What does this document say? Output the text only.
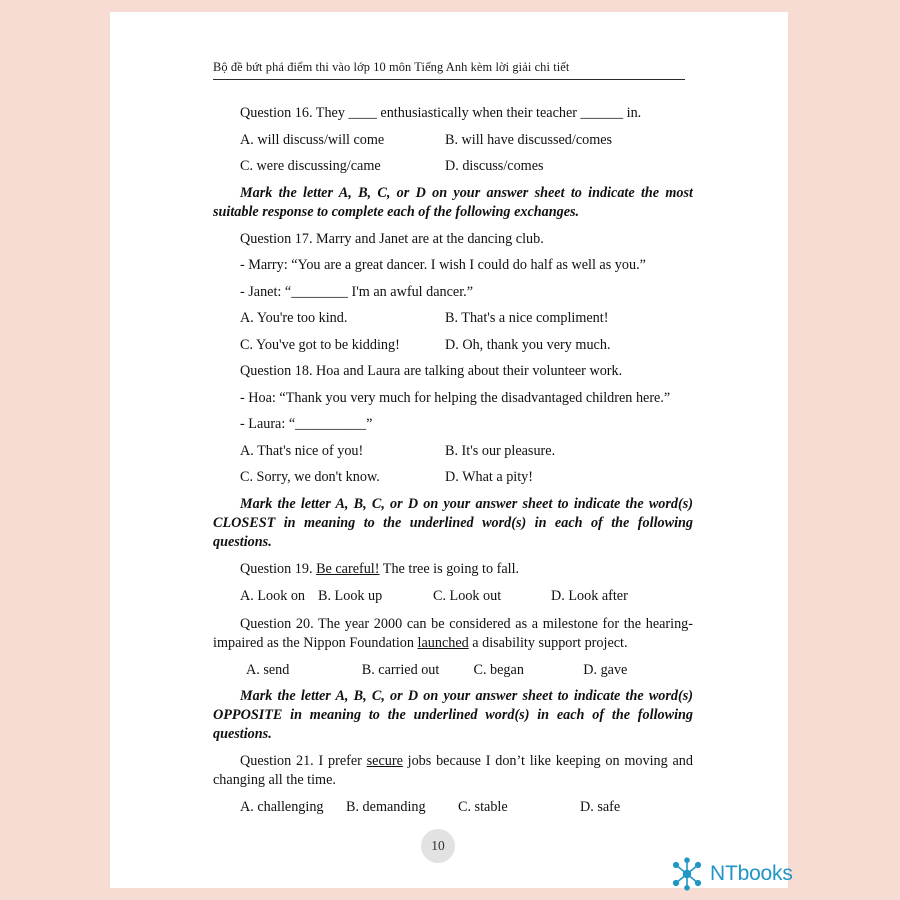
Bộ đề bứt phá điểm thi vào lớp 10 môn Tiếng Anh kèm lời giải chi tiết

Question 16. They ____ enthusiastically when their teacher ______ in.

A. will discuss/will come	B. will have discussed/comes
C. were discussing/came	D. discuss/comes

Mark the letter A, B, C, or D on your answer sheet to indicate the most suitable response to complete each of the following exchanges.

Question 17. Marry and Janet are at the dancing club.

- Marry: “You are a great dancer. I wish I could do half as well as you.”

- Janet: “________ I'm an awful dancer.”

A. You're too kind.	B. That's a nice compliment!
C. You've got to be kidding!	D. Oh, thank you very much.

Question 18. Hoa and Laura are talking about their volunteer work.

- Hoa: “Thank you very much for helping the disadvantaged children here.”

- Laura: “__________”

A. That's nice of you!	B. It's our pleasure.
C. Sorry, we don't know.	D. What a pity!

Mark the letter A, B, C, or D on your answer sheet to indicate the word(s) CLOSEST in meaning to the underlined word(s) in each of the following questions.

Question 19. Be careful! The tree is going to fall.

A. Look on B. Look up	C. Look out	D. Look after

Question 20. The year 2000 can be considered as a milestone for the hearing-impaired as the Nippon Foundation launched a disability support project.

A. send	B. carried out	C. began	D. gave

Mark the letter A, B, C, or D on your answer sheet to indicate the word(s) OPPOSITE in meaning to the underlined word(s) in each of the following questions.

Question 21. I prefer secure jobs because I don’t like keeping on moving and changing all the time.

A. challenging	B. demanding	C. stable	D. safe
10
NTbooks
